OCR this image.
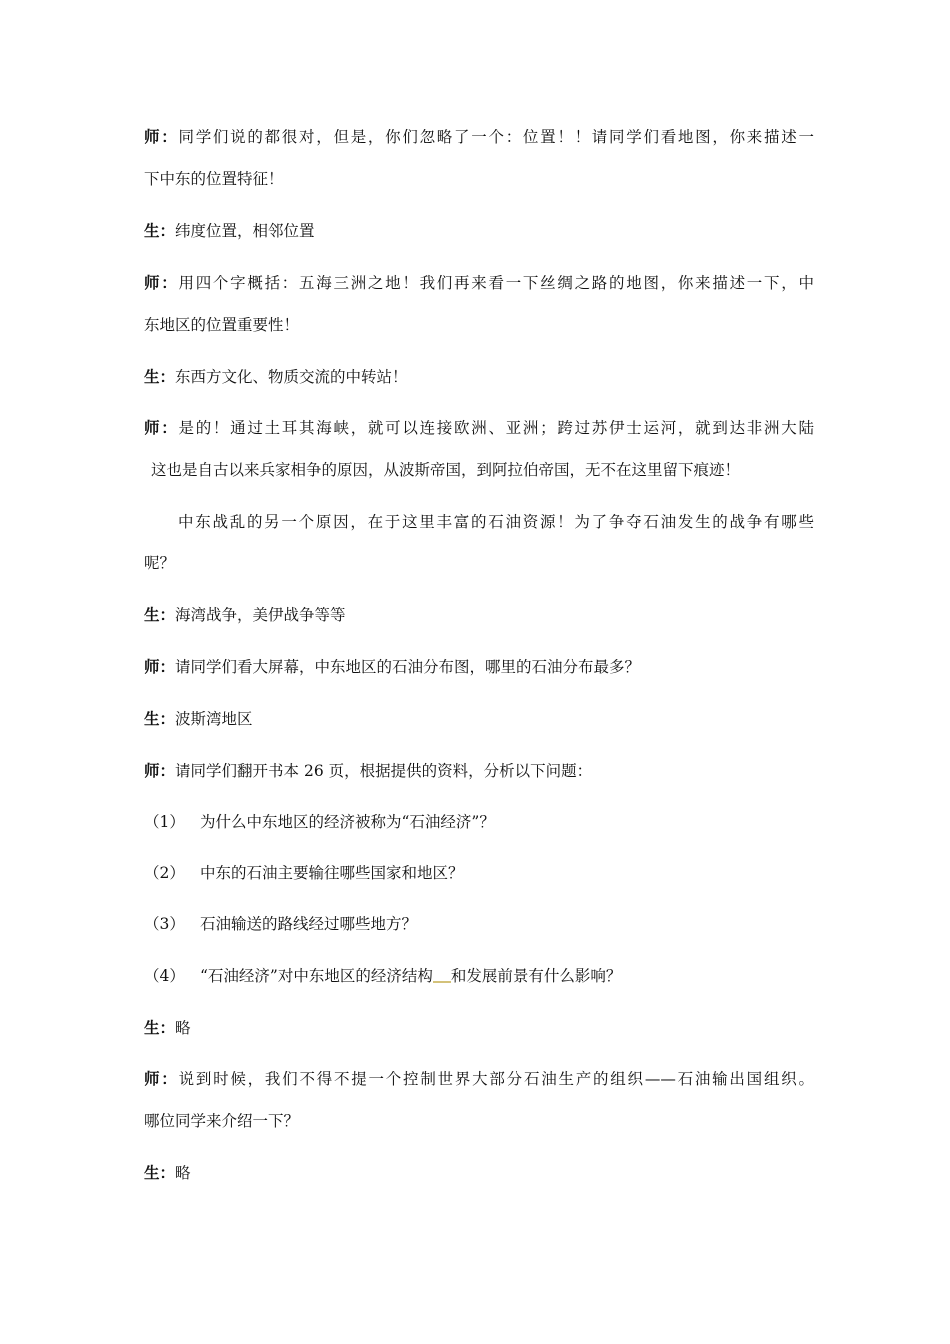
师：同学们说的都很对，但是，你们忽略了一个：位置！！请同学们看地图，你来描述一
下中东的位置特征！
生：纬度位置，相邻位置
师：用四个字概括：五海三洲之地！我们再来看一下丝绸之路的地图，你来描述一下，中
东地区的位置重要性！
生：东西方文化、物质交流的中转站！
师：是的！通过土耳其海峡，就可以连接欧洲、亚洲；跨过苏伊士运河，就到达非洲大陆
这也是自古以来兵家相争的原因，从波斯帝国，到阿拉伯帝国，无不在这里留下痕迹！
中东战乱的另一个原因，在于这里丰富的石油资源！为了争夺石油发生的战争有哪些
呢？
生：海湾战争，美伊战争等等
师：请同学们看大屏幕，中东地区的石油分布图，哪里的石油分布最多？
生：波斯湾地区
师：请同学们翻开书本 26 页，根据提供的资料，分析以下问题：
（1） 为什么中东地区的经济被称为“石油经济”？
（2） 中东的石油主要输往哪些国家和地区？
（3） 石油输送的路线经过哪些地方？
（4） “石油经济”对中东地区的经济结构 和发展前景有什么影响？
生：略
师：说到时候，我们不得不提一个控制世界大部分石油生产的组织——石油输出国组织。
哪位同学来介绍一下？
生：略
